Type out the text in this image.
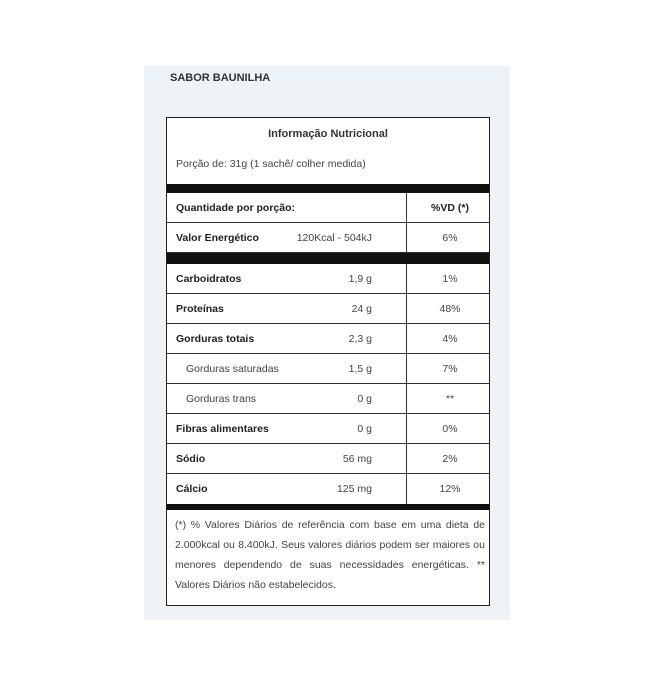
SABOR BAUNILHA
Informação Nutricional
Porção de: 31g (1 sachê/ colher medida)
Quantidade por porção:	%VD (*)
Valor Energético	120Kcal - 504kJ	6%
Carboidratos	1,9 g	1%
Proteínas	24 g	48%
Gorduras totais	2,3 g	4%
Gorduras saturadas	1,5 g	7%
Gorduras trans	0 g	**
Fibras alimentares	0 g	0%
Sódio	56 mg	2%
Cálcio	125 mg	12%
(*) % Valores Diários de referência com base em uma dieta de 2.000kcal ou 8.400kJ. Seus valores diários podem ser maiores ou menores dependendo de suas necessidades energéticas. ** Valores Diários não estabelecidos.
